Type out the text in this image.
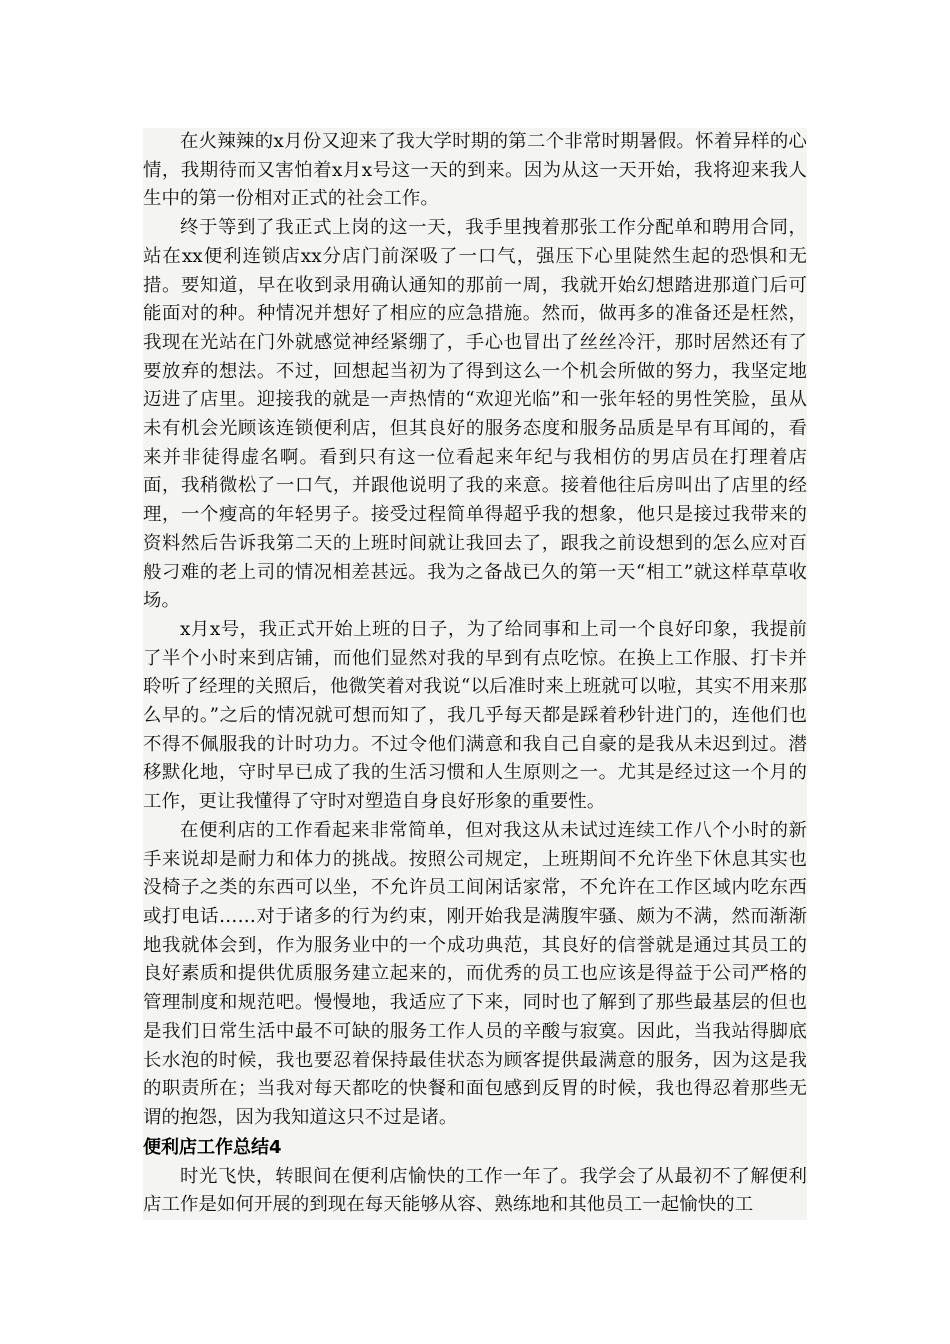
在火辣辣的x月份又迎来了我大学时期的第二个非常时期暑假。怀着异样的心情，我期待而又害怕着x月x号这一天的到来。因为从这一天开始，我将迎来我人生中的第一份相对正式的社会工作。

终于等到了我正式上岗的这一天，我手里拽着那张工作分配单和聘用合同，站在xx便利连锁店xx分店门前深吸了一口气，强压下心里陡然生起的恐惧和无措。要知道，早在收到录用确认通知的那前一周，我就开始幻想踏进那道门后可能面对的种。种情况并想好了相应的应急措施。然而，做再多的准备还是枉然，我现在光站在门外就感觉神经紧绷了，手心也冒出了丝丝冷汗，那时居然还有了要放弃的想法。不过，回想起当初为了得到这么一个机会所做的努力，我坚定地迈进了店里。迎接我的就是一声热情的“欢迎光临”和一张年轻的男性笑脸，虽从未有机会光顾该连锁便利店，但其良好的服务态度和服务品质是早有耳闻的，看来并非徒得虚名啊。看到只有这一位看起来年纪与我相仿的男店员在打理着店面，我稍微松了一口气，并跟他说明了我的来意。接着他往后房叫出了店里的经理，一个瘦高的年轻男子。接受过程简单得超乎我的想象，他只是接过我带来的资料然后告诉我第二天的上班时间就让我回去了，跟我之前设想到的怎么应对百般刁难的老上司的情况相差甚远。我为之备战已久的第一天“相工”就这样草草收场。

x月x号，我正式开始上班的日子，为了给同事和上司一个良好印象，我提前了半个小时来到店铺，而他们显然对我的早到有点吃惊。在换上工作服、打卡并聆听了经理的关照后，他微笑着对我说“以后准时来上班就可以啦，其实不用来那么早的。”之后的情况就可想而知了，我几乎每天都是踩着秒针进门的，连他们也不得不佩服我的计时功力。不过令他们满意和我自己自豪的是我从未迟到过。潜移默化地，守时早已成了我的生活习惯和人生原则之一。尤其是经过这一个月的工作，更让我懂得了守时对塑造自身良好形象的重要性。

在便利店的工作看起来非常简单，但对我这从未试过连续工作八个小时的新手来说却是耐力和体力的挑战。按照公司规定，上班期间不允许坐下休息其实也没椅子之类的东西可以坐，不允许员工间闲话家常，不允许在工作区域内吃东西或打电话……对于诸多的行为约束，刚开始我是满腹牢骚、颇为不满，然而渐渐地我就体会到，作为服务业中的一个成功典范，其良好的信誉就是通过其员工的良好素质和提供优质服务建立起来的，而优秀的员工也应该是得益于公司严格的管理制度和规范吧。慢慢地，我适应了下来，同时也了解到了那些最基层的但也是我们日常生活中最不可缺的服务工作人员的辛酸与寂寞。因此，当我站得脚底长水泡的时候，我也要忍着保持最佳状态为顾客提供最满意的服务，因为这是我的职责所在；当我对每天都吃的快餐和面包感到反胃的时候，我也得忍着那些无谓的抱怨，因为我知道这只不过是诸。

便利店工作总结4

时光飞快，转眼间在便利店愉快的工作一年了。我学会了从最初不了解便利店工作是如何开展的到现在每天能够从容、熟练地和其他员工一起愉快的工
